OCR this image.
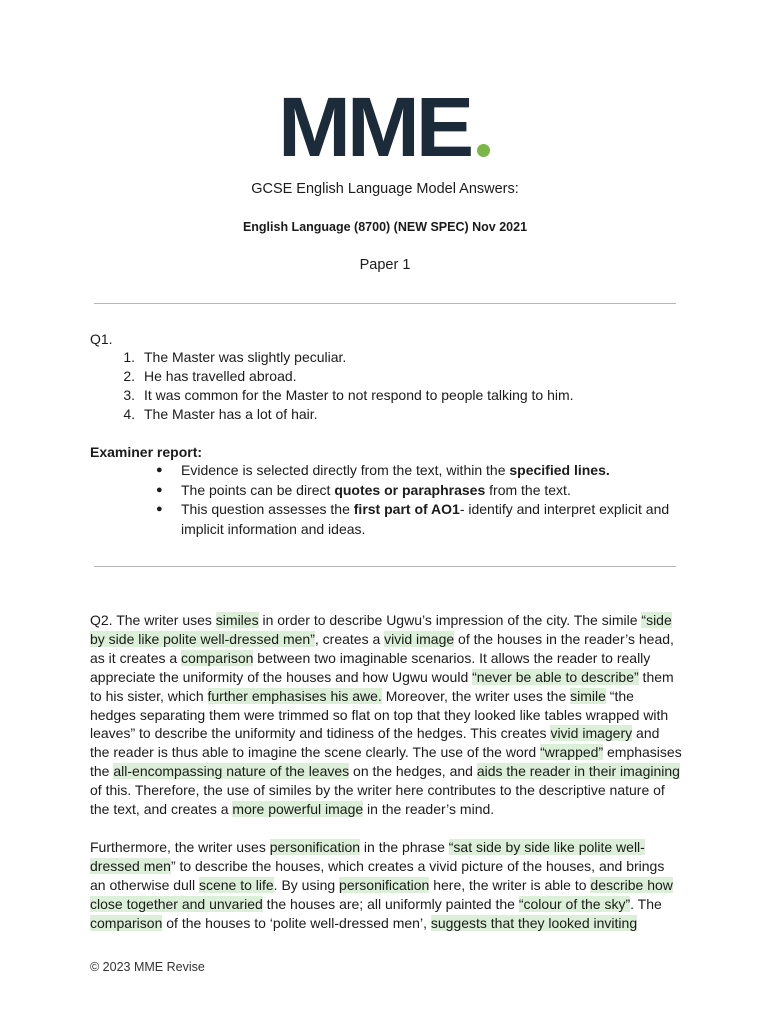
MME
GCSE English Language Model Answers:
English Language (8700) (NEW SPEC) Nov 2021
Paper 1
Q1.
1. The Master was slightly peculiar.
2. He has travelled abroad.
3. It was common for the Master to not respond to people talking to him.
4. The Master has a lot of hair.
Examiner report:
● Evidence is selected directly from the text, within the specified lines.
● The points can be direct quotes or paraphrases from the text.
● This question assesses the first part of AO1- identify and interpret explicit and implicit information and ideas.

Q2. The writer uses similes in order to describe Ugwu’s impression of the city. The simile “side by side like polite well-dressed men”, creates a vivid image of the houses in the reader’s head, as it creates a comparison between two imaginable scenarios. It allows the reader to really appreciate the uniformity of the houses and how Ugwu would “never be able to describe” them to his sister, which further emphasises his awe. Moreover, the writer uses the simile “the hedges separating them were trimmed so flat on top that they looked like tables wrapped with leaves” to describe the uniformity and tidiness of the hedges. This creates vivid imagery and the reader is thus able to imagine the scene clearly. The use of the word “wrapped” emphasises the all-encompassing nature of the leaves on the hedges, and aids the reader in their imagining of this. Therefore, the use of similes by the writer here contributes to the descriptive nature of the text, and creates a more powerful image in the reader’s mind.

Furthermore, the writer uses personification in the phrase “sat side by side like polite well-dressed men” to describe the houses, which creates a vivid picture of the houses, and brings an otherwise dull scene to life. By using personification here, the writer is able to describe how close together and unvaried the houses are; all uniformly painted the “colour of the sky”. The comparison of the houses to ‘polite well-dressed men’, suggests that they looked inviting

© 2023 MME Revise
